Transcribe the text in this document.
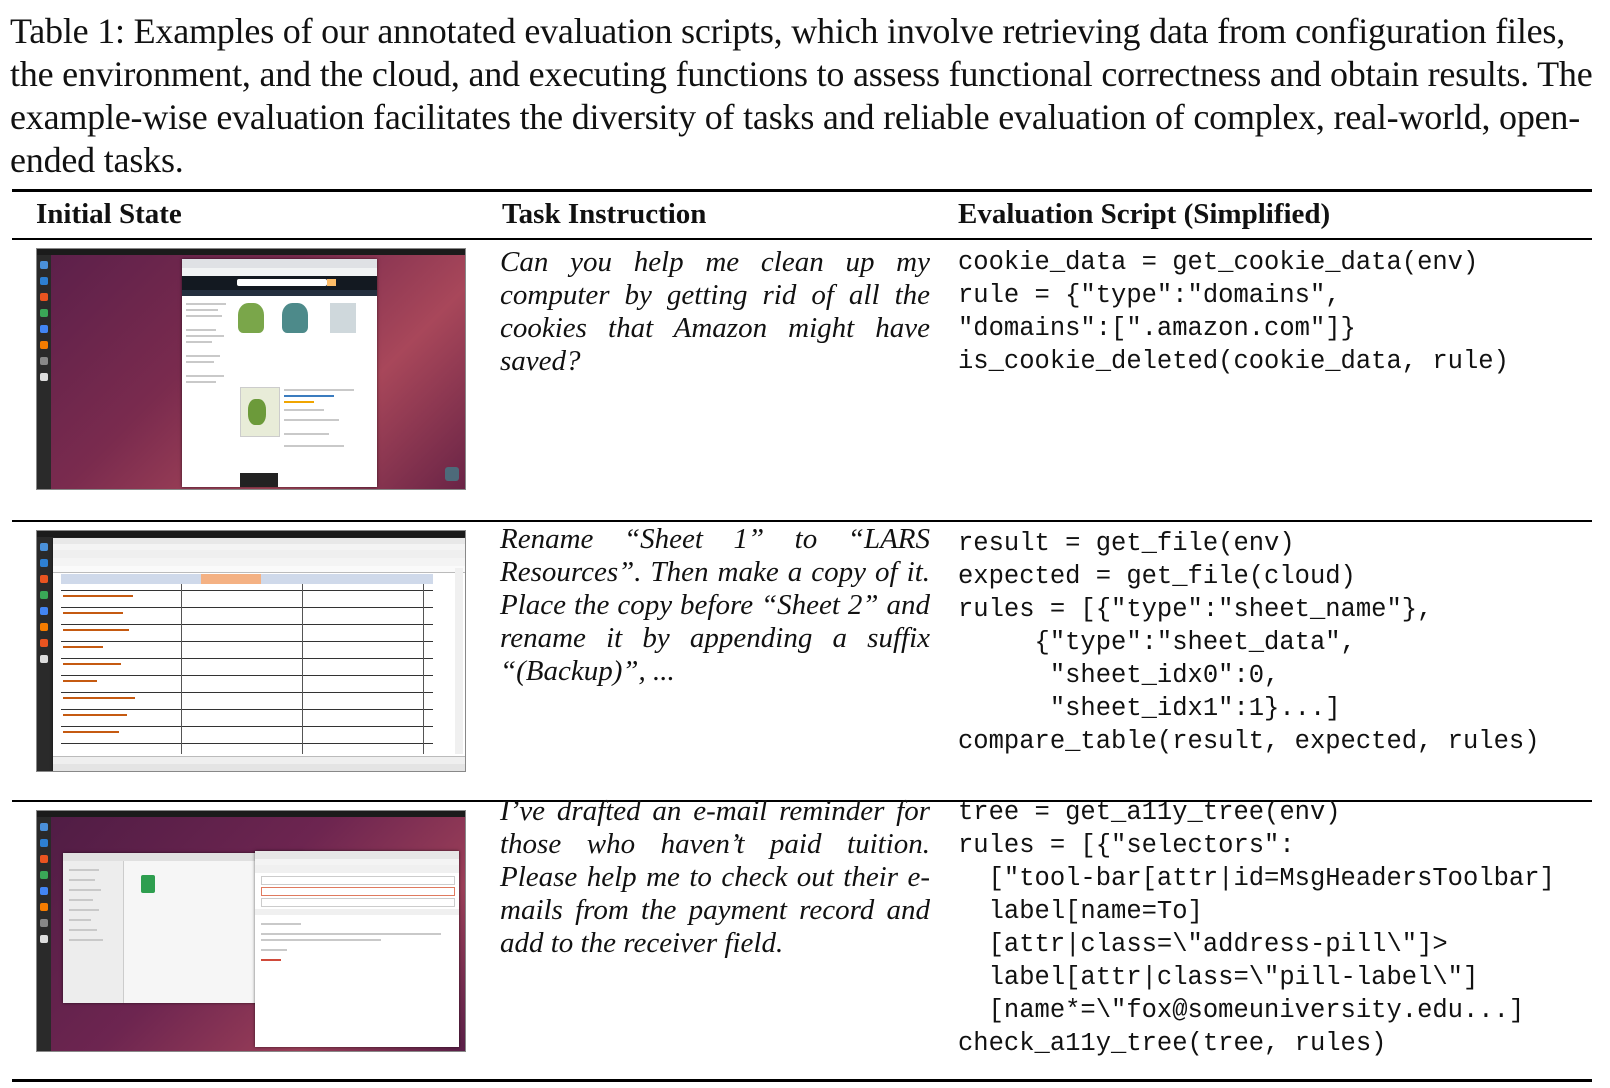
Table 1: Examples of our annotated evaluation scripts, which involve retrieving data from configuration files, the environment, and the cloud, and executing functions to assess functional correctness and obtain results. The example-wise evaluation facilitates the diversity of tasks and reliable evaluation of complex, real-world, open-ended tasks.
Initial State	Task Instruction	Evaluation Script (Simplified)
Can you help me clean up my computer by getting rid of all the cookies that Amazon might have saved?
cookie_data = get_cookie_data(env)
rule = {"type":"domains",
"domains":[".amazon.com"]}
is_cookie_deleted(cookie_data, rule)
Rename “Sheet 1” to “LARS Resources”. Then make a copy of it. Place the copy before “Sheet 2” and rename it by appending a suffix “(Backup)”, ...
result = get_file(env)
expected = get_file(cloud)
rules = [{"type":"sheet_name"},
{"type":"sheet_data",
"sheet_idx0":0,
"sheet_idx1":1}...]
compare_table(result, expected, rules)
I’ve drafted an e-mail reminder for those who haven’t paid tuition. Please help me to check out their e-mails from the payment record and add to the receiver field.
tree = get_a11y_tree(env)
rules = [{"selectors":
["tool-bar[attr|id=MsgHeadersToolbar]
label[name=To]
[attr|class=\"address-pill\"]>
label[attr|class=\"pill-label\"]
[name*=\"fox@someuniversity.edu...]
check_a11y_tree(tree, rules)
